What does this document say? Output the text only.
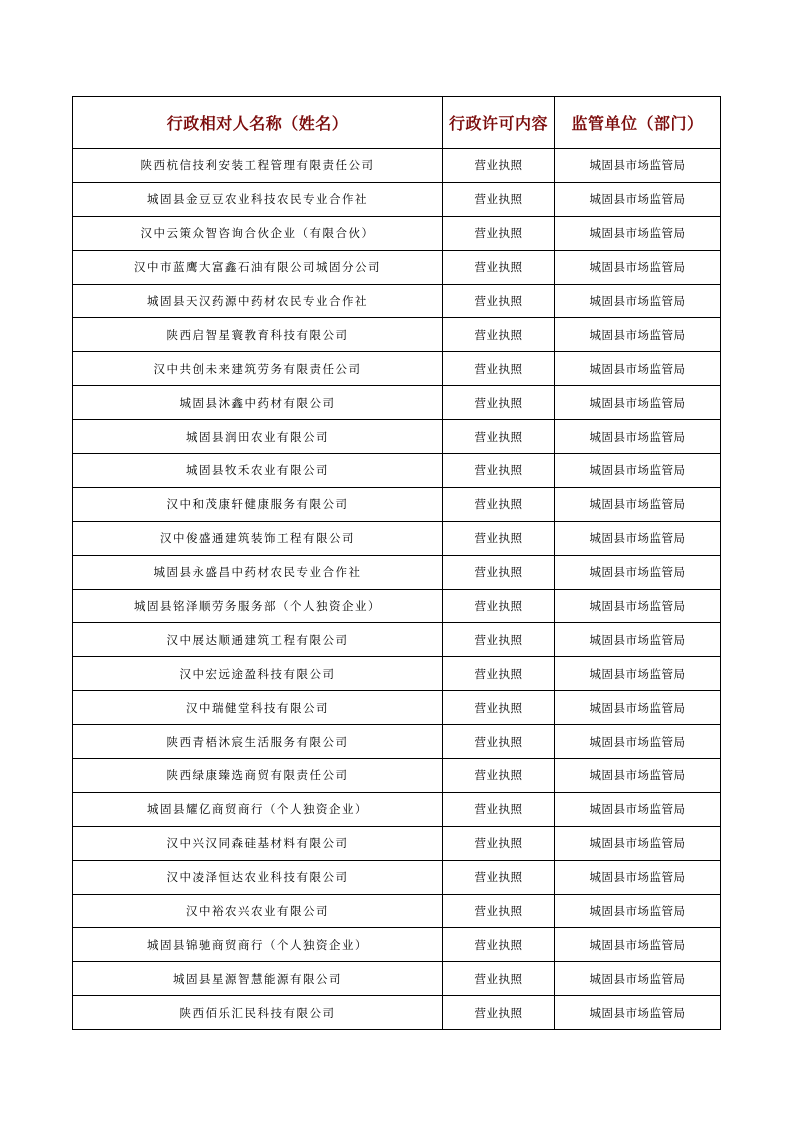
行政相对人名称（姓名）	行政许可内容	监管单位（部门）
陕西杭信技利安装工程管理有限责任公司	营业执照	城固县市场监管局
城固县金豆豆农业科技农民专业合作社	营业执照	城固县市场监管局
汉中云策众智咨询合伙企业（有限合伙）	营业执照	城固县市场监管局
汉中市蓝鹰大富鑫石油有限公司城固分公司	营业执照	城固县市场监管局
城固县天汉药源中药材农民专业合作社	营业执照	城固县市场监管局
陕西启智星寰教育科技有限公司	营业执照	城固县市场监管局
汉中共创未来建筑劳务有限责任公司	营业执照	城固县市场监管局
城固县沐鑫中药材有限公司	营业执照	城固县市场监管局
城固县润田农业有限公司	营业执照	城固县市场监管局
城固县牧禾农业有限公司	营业执照	城固县市场监管局
汉中和茂康轩健康服务有限公司	营业执照	城固县市场监管局
汉中俊盛通建筑装饰工程有限公司	营业执照	城固县市场监管局
城固县永盛昌中药材农民专业合作社	营业执照	城固县市场监管局
城固县铭泽顺劳务服务部（个人独资企业）	营业执照	城固县市场监管局
汉中展达顺通建筑工程有限公司	营业执照	城固县市场监管局
汉中宏远途盈科技有限公司	营业执照	城固县市场监管局
汉中瑞健堂科技有限公司	营业执照	城固县市场监管局
陕西青梧沐宸生活服务有限公司	营业执照	城固县市场监管局
陕西绿康臻选商贸有限责任公司	营业执照	城固县市场监管局
城固县耀亿商贸商行（个人独资企业）	营业执照	城固县市场监管局
汉中兴汉同森硅基材料有限公司	营业执照	城固县市场监管局
汉中凌泽恒达农业科技有限公司	营业执照	城固县市场监管局
汉中裕农兴农业有限公司	营业执照	城固县市场监管局
城固县锦驰商贸商行（个人独资企业）	营业执照	城固县市场监管局
城固县星源智慧能源有限公司	营业执照	城固县市场监管局
陕西佰乐汇民科技有限公司	营业执照	城固县市场监管局
